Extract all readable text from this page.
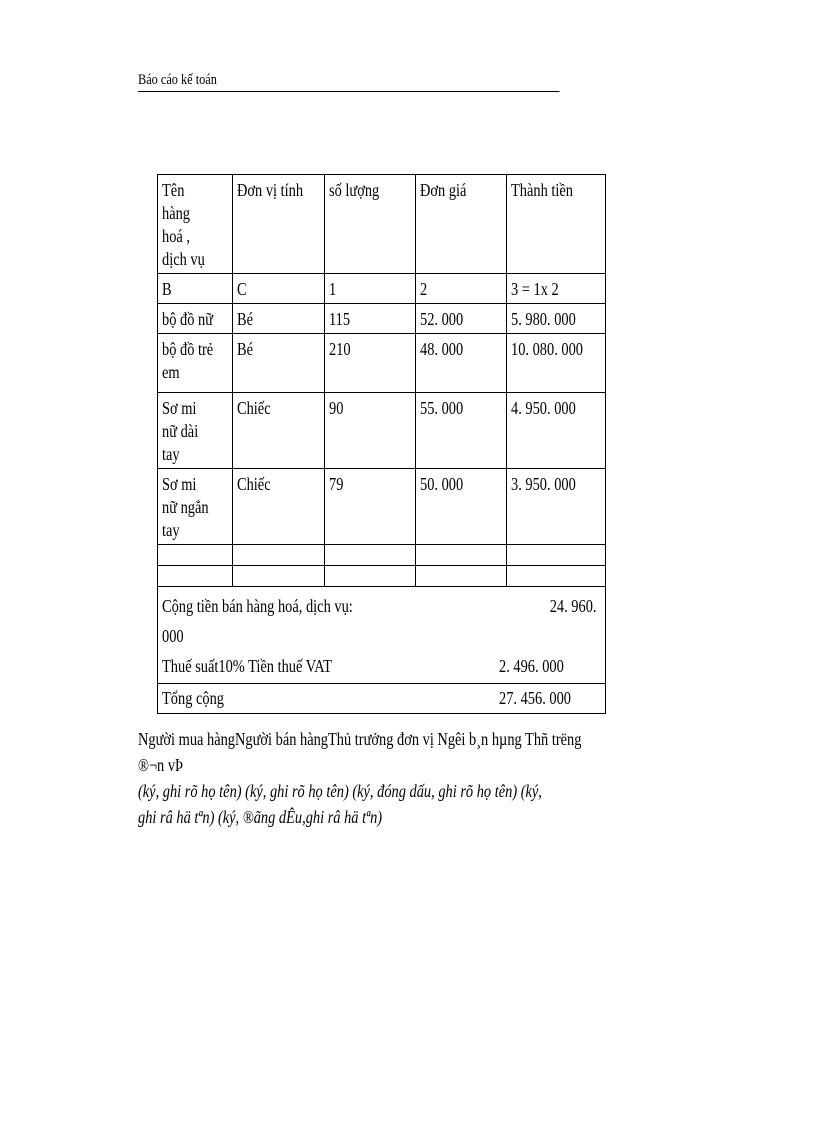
Báo cáo kế toán
Tên hàng hoá , dịch vụ	Đơn vị tính	số lượng	Đơn giá	Thành tiền
B	C	1	2	3 = 1x 2
bộ đồ nữ	Bé	115	52. 000	5. 980. 000
bộ đồ trẻ em	Bé	210	48. 000	10. 080. 000
Sơ mi nữ dài tay	Chiếc	90	55. 000	4. 950. 000
Sơ mi nữ ngắn tay	Chiếc	79	50. 000	3. 950. 000

Cộng tiền bán hàng hoá, dịch vụ: 24. 960.
000
Thuế suất10% Tiền thuế VAT 2. 496. 000				

Tổng cộng 27. 456. 000				
Người mua hàngNgười bán hàngThủ trưởng đơn vị Ngêi b¸n hµng Thñ trëng
®¬n vÞ
(ký, ghi rõ họ tên) (ký, ghi rõ họ tên) (ký, đóng dấu, ghi rõ họ tên) (ký,
ghi râ hä tªn) (ký, ®ãng dÊu,ghi râ hä tªn)
